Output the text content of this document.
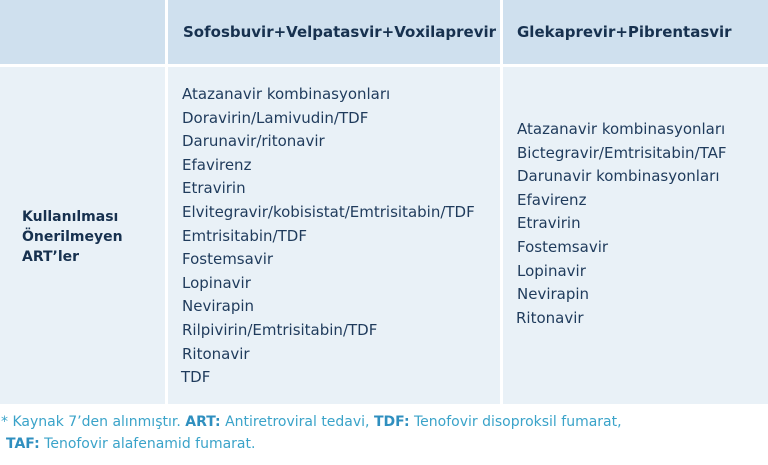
Sofosbuvir+Velpatasvir+Voxilaprevir Glekaprevir+Pibrentasvir
Kullanılması
Önerilmeyen
ART’ler
Atazanavir kombinasyonları
Doravirin/Lamivudin/TDF
Darunavir/ritonavir
Efavirenz
Etravirin
Elvitegravir/kobisistat/Emtrisitabin/TDF
Emtrisitabin/TDF
Fostemsavir
Lopinavir
Nevirapin
Rilpivirin/Emtrisitabin/TDF
Ritonavir
TDF
Atazanavir kombinasyonları
Bictegravir/Emtrisitabin/TAF
Darunavir kombinasyonları
Efavirenz
Etravirin
Fostemsavir
Lopinavir
Nevirapin
Ritonavir
* Kaynak 7’den alınmıştır. ART: Antiretroviral tedavi, TDF: Tenofovir disoproksil fumarat,
TAF: Tenofovir alafenamid fumarat.
